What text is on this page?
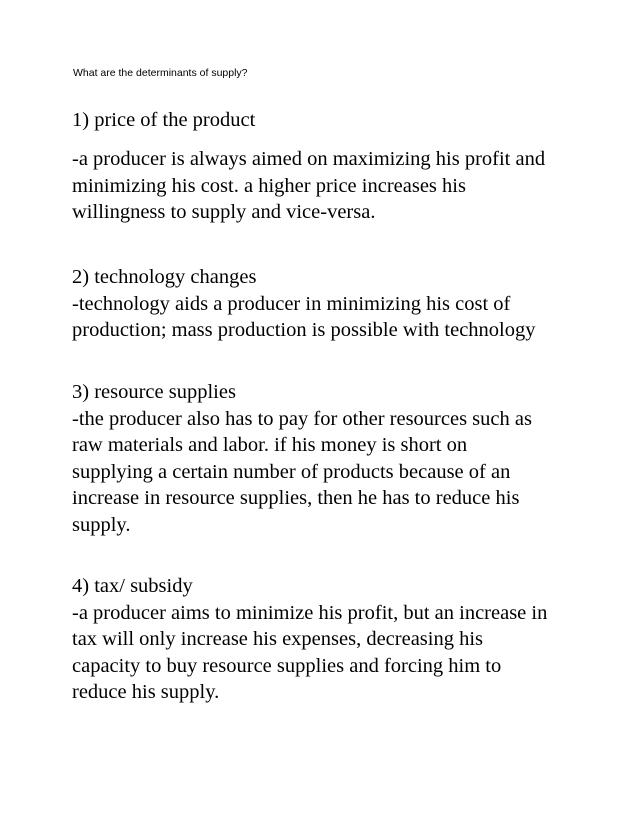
What are the determinants of supply?
1) price of the product
-a producer is always aimed on maximizing his profit and
minimizing his cost. a higher price increases his
willingness to supply and vice-versa.
2) technology changes
-technology aids a producer in minimizing his cost of
production; mass production is possible with technology
3) resource supplies
-the producer also has to pay for other resources such as
raw materials and labor. if his money is short on
supplying a certain number of products because of an
increase in resource supplies, then he has to reduce his
supply.
4) tax/ subsidy
-a producer aims to minimize his profit, but an increase in
tax will only increase his expenses, decreasing his
capacity to buy resource supplies and forcing him to
reduce his supply.
